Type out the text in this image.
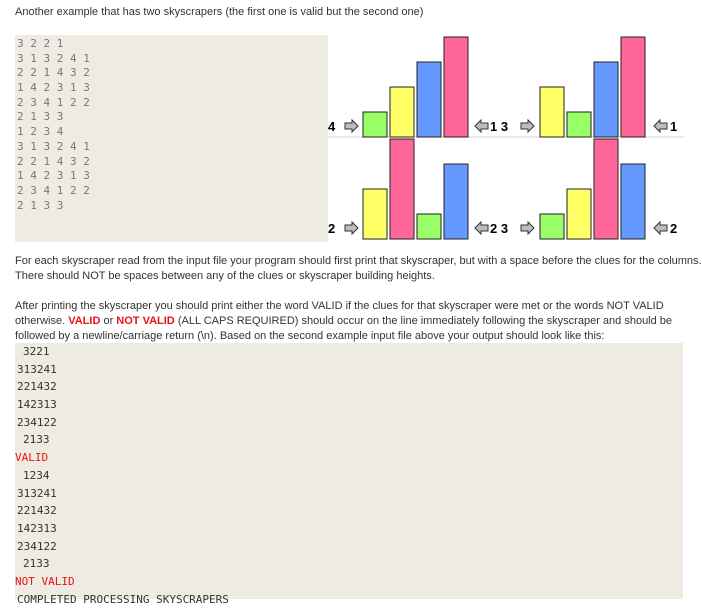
Another example that has two skyscrapers (the first one is valid but the second one)
3 2 2 1
3 1 3 2 4 1
2 2 1 4 3 2
1 4 2 3 1 3
2 3 4 1 2 2
2 1 3 3
1 2 3 4
3 1 3 2 4 1
2 2 1 4 3 2
1 4 2 3 1 3
2 3 4 1 2 2
2 1 3 3
4	1 3	1
2	2 3	2
For each skyscraper read from the input file your program should first print that skyscraper, but with a space before the clues for the columns.
There should NOT be spaces between any of the clues or skyscraper building heights.
After printing the skyscraper you should print either the word VALID if the clues for that skyscraper were met or the words NOT VALID
otherwise. VALID or NOT VALID (ALL CAPS REQUIRED) should occur on the line immediately following the skyscraper and should be
followed by a newline/carriage return (\n). Based on the second example input file above your output should look like this:
3221
313241
221432
142313
234122
2133
VALID
1234
313241
221432
142313
234122
2133
NOT VALID
COMPLETED PROCESSING SKYSCRAPERS
